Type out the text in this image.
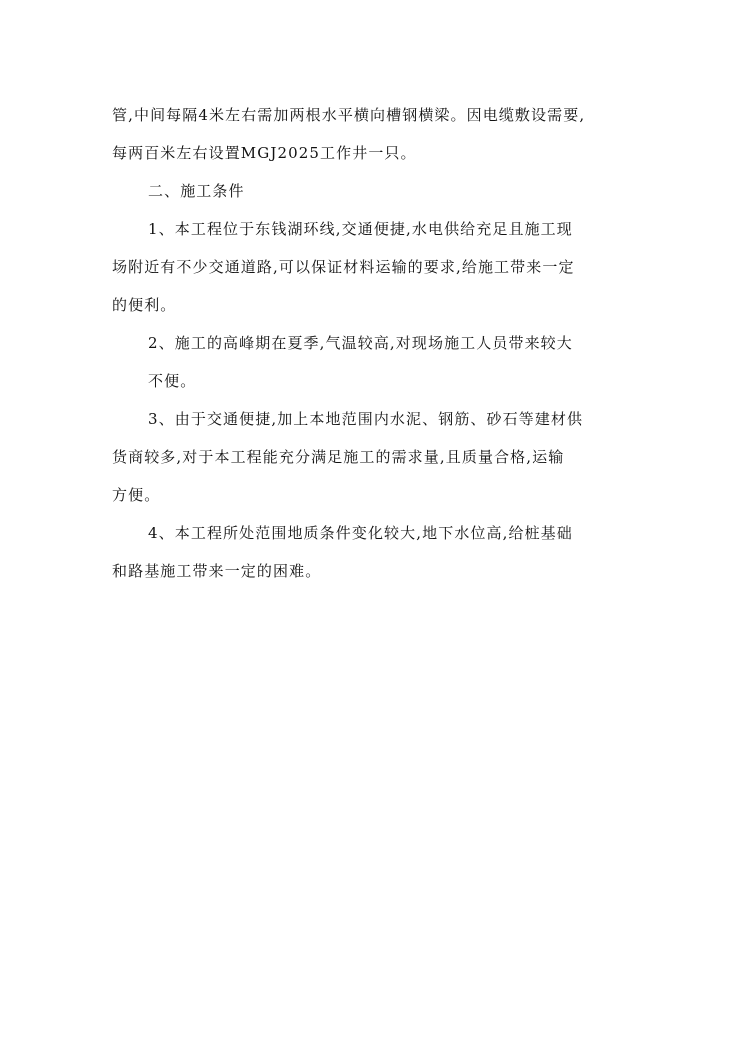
管,中间每隔4米左右需加两根水平横向槽钢横梁。因电缆敷设需要,
每两百米左右设置MGJ2025工作井一只。
二、施工条件
1、本工程位于东钱湖环线,交通便捷,水电供给充足且施工现
场附近有不少交通道路,可以保证材料运输的要求,给施工带来一定
的便利。
2、施工的高峰期在夏季,气温较高,对现场施工人员带来较大
不便。
3、由于交通便捷,加上本地范围内水泥、钢筋、砂石等建材供
货商较多,对于本工程能充分满足施工的需求量,且质量合格,运输
方便。
4、本工程所处范围地质条件变化较大,地下水位高,给桩基础
和路基施工带来一定的困难。
